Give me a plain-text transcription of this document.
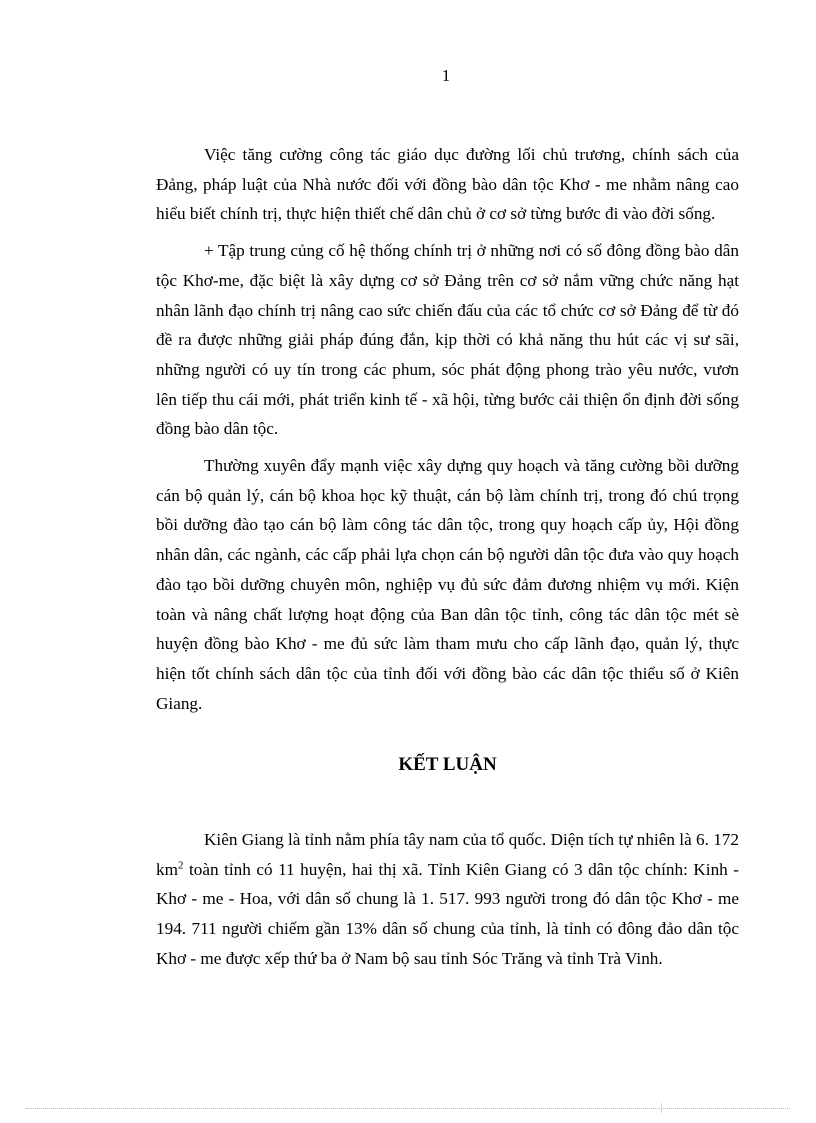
1

Việc tăng cường công tác giáo dục đường lối chủ trương, chính sách của Đảng, pháp luật của Nhà nước đối với đồng bào dân tộc Khơ - me nhằm nâng cao hiểu biết chính trị, thực hiện thiết chế dân chủ ở cơ sở từng bước đi vào đời sống.

+ Tập trung củng cố hệ thống chính trị ở những nơi có số đông đồng bào dân tộc Khơ-me, đặc biệt là xây dựng cơ sở Đảng trên cơ sở nắm vững chức năng hạt nhân lãnh đạo chính trị nâng cao sức chiến đấu của các tổ chức cơ sở Đảng để từ đó đề ra được những giải pháp đúng đắn, kịp thời có khả năng thu hút các vị sư sãi, những người có uy tín trong các phum, sóc phát động phong trào yêu nước, vươn lên tiếp thu cái mới, phát triển kinh tế - xã hội, từng bước cải thiện ổn định đời sống đồng bào dân tộc.

Thường xuyên đẩy mạnh việc xây dựng quy hoạch và tăng cường bồi dưỡng cán bộ quản lý, cán bộ khoa học kỹ thuật, cán bộ làm chính trị, trong đó chú trọng bồi dưỡng đào tạo cán bộ làm công tác dân tộc, trong quy hoạch cấp ủy, Hội đồng nhân dân, các ngành, các cấp phải lựa chọn cán bộ người dân tộc đưa vào quy hoạch đào tạo bồi dưỡng chuyên môn, nghiệp vụ đủ sức đảm đương nhiệm vụ mới. Kiện toàn và nâng chất lượng hoạt động của Ban dân tộc tỉnh, công tác dân tộc mét sè huyện đồng bào Khơ - me đủ sức làm tham mưu cho cấp lãnh đạo, quản lý, thực hiện tốt chính sách dân tộc của tỉnh đối với đồng bào các dân tộc thiểu số ở Kiên Giang.

KẾT LUẬN

Kiên Giang là tỉnh nằm phía tây nam của tổ quốc. Diện tích tự nhiên là 6. 172 $km^2$ toàn tỉnh có 11 huyện, hai thị xã. Tỉnh Kiên Giang có 3 dân tộc chính: Kinh - Khơ - me - Hoa, với dân số chung là 1. 517. 993 người trong đó dân tộc Khơ - me 194. 711 người chiếm gần 13% dân số chung của tỉnh, là tỉnh có đông đảo dân tộc Khơ - me được xếp thứ ba ở Nam bộ sau tỉnh Sóc Trăng và tỉnh Trà Vinh.
